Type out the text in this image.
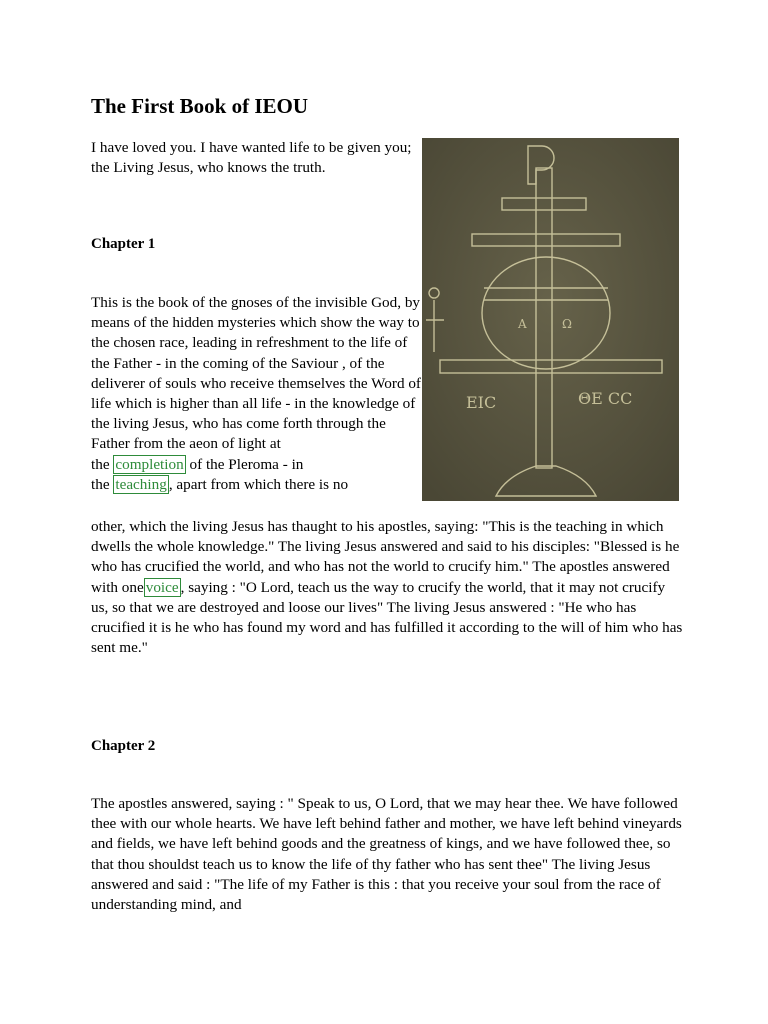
The First Book of IEOU

I have loved you. I have wanted life to be given you; the Living Jesus, who knows the truth.

Chapter 1

This is the book of the gnoses of the invisible God, by means of the hidden mysteries which show the way to the chosen race, leading in refreshment to the life of the Father - in the coming of the Saviour , of the deliverer of souls who receive themselves the Word of life which is higher than all life - in the knowledge of the living Jesus, who has come forth through the Father from the aeon of light at
the completion of the Pleroma - in
the teaching , apart from which there is no

other, which the living Jesus has thaught to his apostles, saying: "This is the teaching in which dwells the whole knowledge." The living Jesus answered and said to his disciples: "Blessed is he who has crucified the world, and who has not the world to crucify him." The apostles answered with one voice , saying : "O Lord, teach us the way to crucify the world, that it may not crucify us, so that we are destroyed and loose our lives" The living Jesus answered : "He who has crucified it is he who has found my word and has fulfilled it according to the will of him who has sent me."

Chapter 2

The apostles answered, saying : " Speak to us, O Lord, that we may hear thee. We have followed thee with our whole hearts. We have left behind father and mother, we have left behind vineyards and fields, we have left behind goods and the greatness of kings, and we have followed thee, so that thou shouldst teach us to know the life of thy father who has sent thee" The living Jesus answered and said : "The life of my Father is this : that you receive your soul from the race of understanding mind, and

Α	Ω
ΕΙC	ΘΕ CC
